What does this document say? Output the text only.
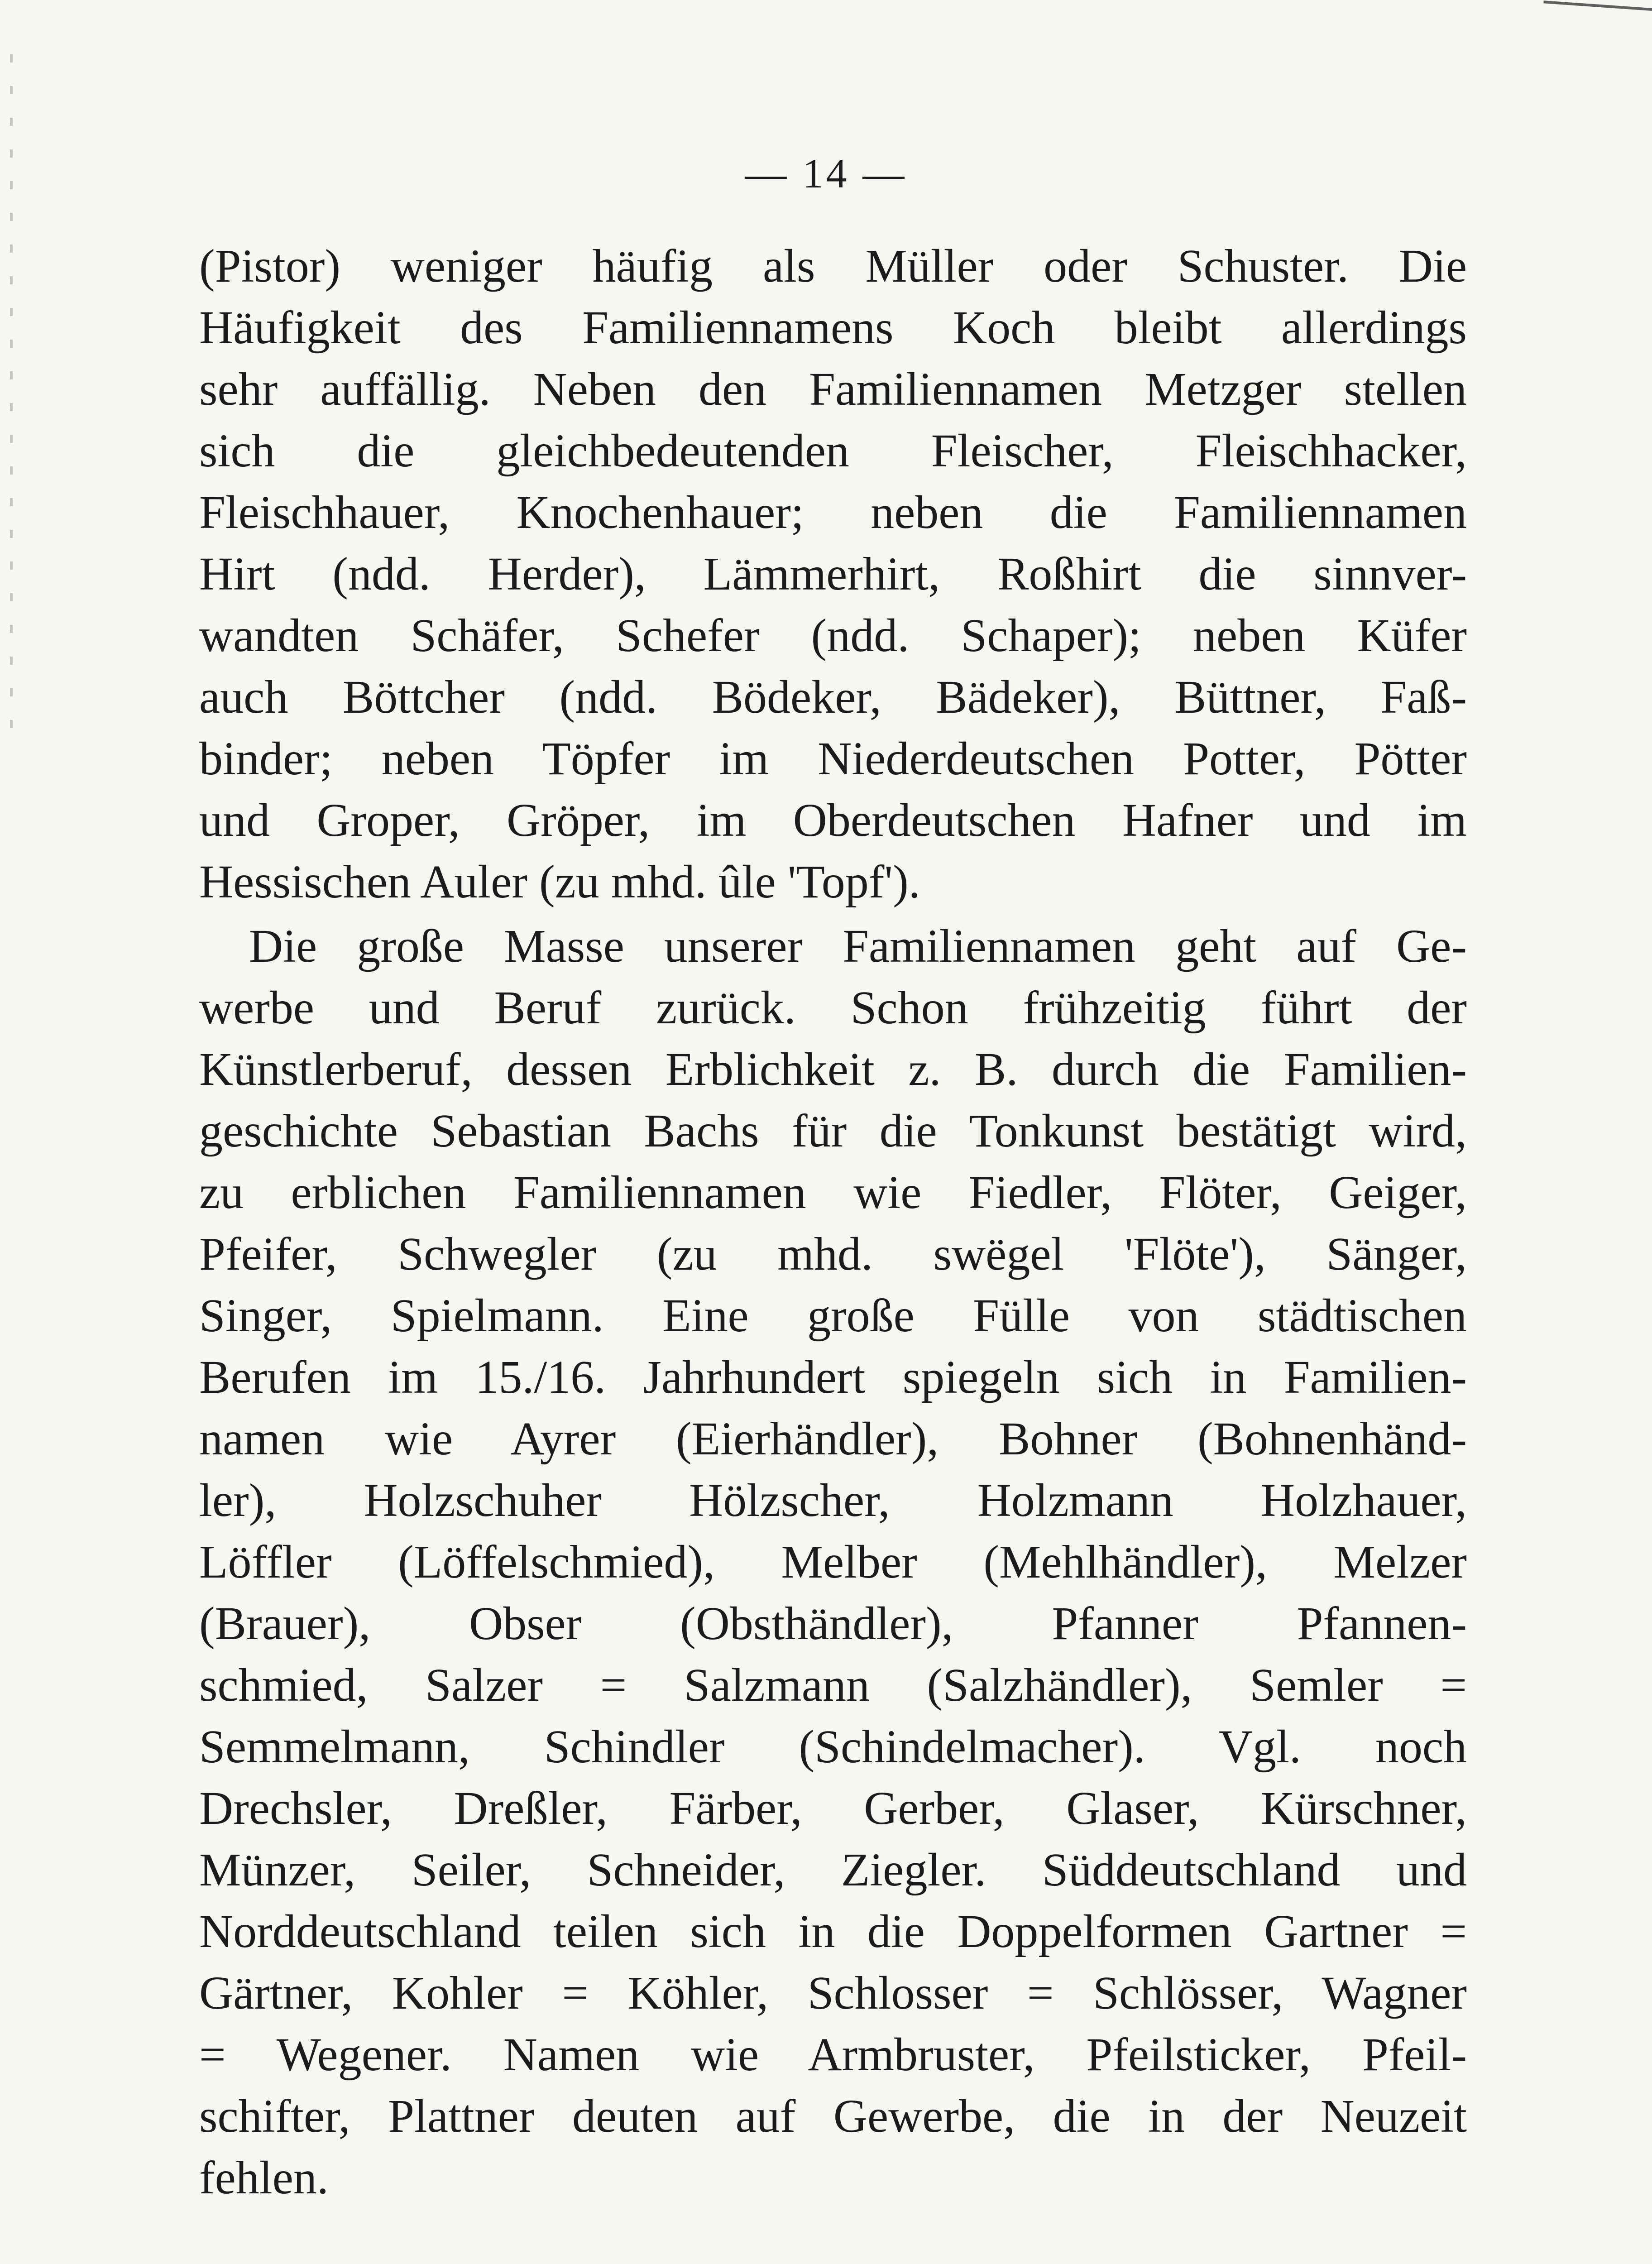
— 14 —
(Pistor) weniger häufig als Müller oder Schuster. Die
Häufigkeit des Familiennamens Koch bleibt allerdings
sehr auffällig. Neben den Familiennamen Metzger stellen
sich die gleichbedeutenden Fleischer, Fleischhacker,
Fleischhauer, Knochenhauer; neben die Familiennamen
Hirt (ndd. Herder), Lämmerhirt, Roßhirt die sinnver-
wandten Schäfer, Schefer (ndd. Schaper); neben Küfer
auch Böttcher (ndd. Bödeker, Bädeker), Büttner, Faß-
binder; neben Töpfer im Niederdeutschen Potter, Pötter
und Groper, Gröper, im Oberdeutschen Hafner und im
Hessischen Auler (zu mhd. ûle 'Topf').
Die große Masse unserer Familiennamen geht auf Ge-
werbe und Beruf zurück. Schon frühzeitig führt der
Künstlerberuf, dessen Erblichkeit z. B. durch die Familien-
geschichte Sebastian Bachs für die Tonkunst bestätigt wird,
zu erblichen Familiennamen wie Fiedler, Flöter, Geiger,
Pfeifer, Schwegler (zu mhd. swëgel 'Flöte'), Sänger,
Singer, Spielmann. Eine große Fülle von städtischen
Berufen im 15./16. Jahrhundert spiegeln sich in Familien-
namen wie Ayrer (Eierhändler), Bohner (Bohnenhänd-
ler), Holzschuher Hölzscher, Holzmann Holzhauer,
Löffler (Löffelschmied), Melber (Mehlhändler), Melzer
(Brauer), Obser (Obsthändler), Pfanner Pfannen-
schmied, Salzer = Salzmann (Salzhändler), Semler =
Semmelmann, Schindler (Schindelmacher). Vgl. noch
Drechsler, Dreßler, Färber, Gerber, Glaser, Kürschner,
Münzer, Seiler, Schneider, Ziegler. Süddeutschland und
Norddeutschland teilen sich in die Doppelformen Gartner =
Gärtner, Kohler = Köhler, Schlosser = Schlösser, Wagner
= Wegener. Namen wie Armbruster, Pfeilsticker, Pfeil-
schifter, Plattner deuten auf Gewerbe, die in der Neuzeit
fehlen.
